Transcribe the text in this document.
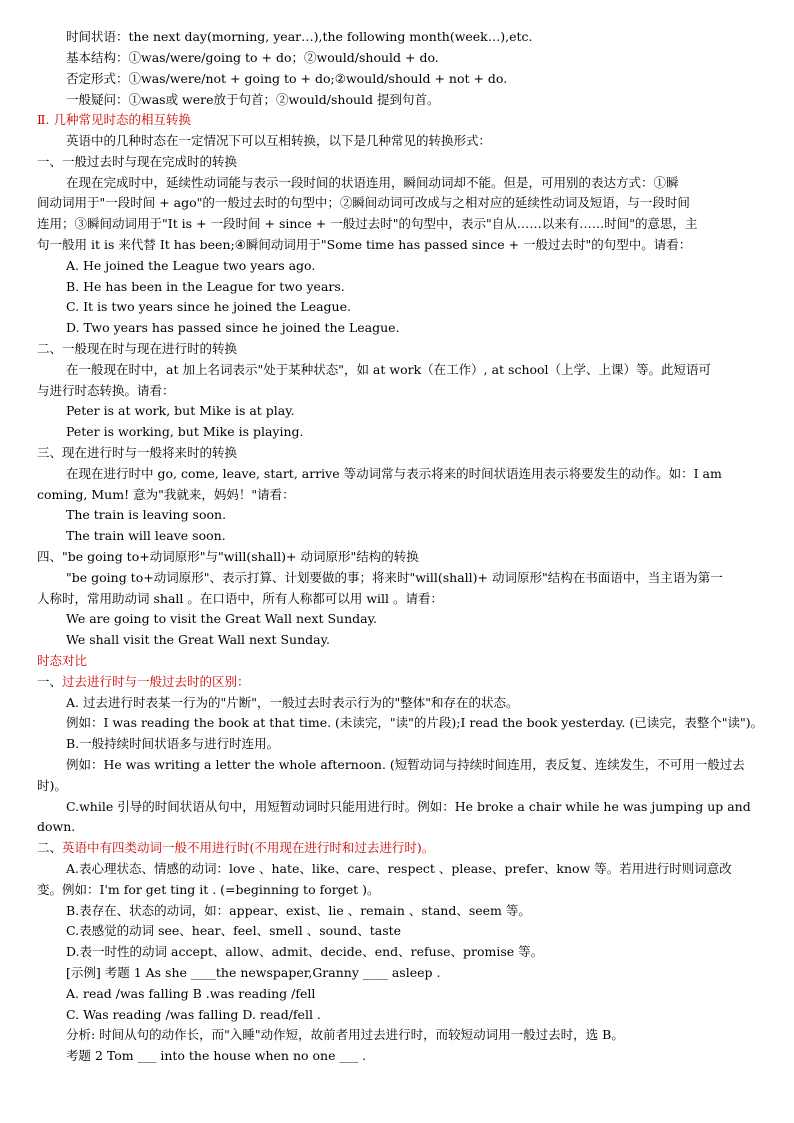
时间状语：the next day(morning, year…),the following month(week…),etc.
基本结构：①was/were/going to + do；②would/should + do.
否定形式：①was/were/not + going to + do;②would/should + not + do.
一般疑问：①was或 were放于句首；②would/should 提到句首。
Ⅱ. 几种常见时态的相互转换
英语中的几种时态在一定情况下可以互相转换，以下是几种常见的转换形式：
一、一般过去时与现在完成时的转换
在现在完成时中，延续性动词能与表示一段时间的状语连用，瞬间动词却不能。但是，可用别的表达方式：①瞬
间动词用于"一段时间 + ago"的一般过去时的句型中；②瞬间动词可改成与之相对应的延续性动词及短语，与一段时间
连用；③瞬间动词用于"It is + 一段时间 + since + 一般过去时"的句型中，表示"自从……以来有……时间"的意思，主
句一般用 it is 来代替 It has been;④瞬间动词用于"Some time has passed since + 一般过去时"的句型中。请看：
A. He joined the League two years ago.
B. He has been in the League for two years.
C. It is two years since he joined the League.
D. Two years has passed since he joined the League.
二、一般现在时与现在进行时的转换
在一般现在时中，at 加上名词表示"处于某种状态"，如 at work（在工作）, at school（上学、上课）等。此短语可
与进行时态转换。请看：
Peter is at work, but Mike is at play.
Peter is working, but Mike is playing.
三、现在进行时与一般将来时的转换
在现在进行时中 go, come, leave, start, arrive 等动词常与表示将来的时间状语连用表示将要发生的动作。如：I am
coming, Mum! 意为"我就来，妈妈！"请看：
The train is leaving soon.
The train will leave soon.
四、"be going to+动词原形"与"will(shall)+ 动词原形"结构的转换
"be going to+动词原形"、表示打算、计划要做的事；将来时"will(shall)+ 动词原形"结构在书面语中，当主语为第一
人称时，常用助动词 shall 。在口语中，所有人称都可以用 will 。请看：
We are going to visit the Great Wall next Sunday.
We shall visit the Great Wall next Sunday.
时态对比
一、过去进行时与一般过去时的区别：
A. 过去进行时表某一行为的"片断"，一般过去时表示行为的"整体"和存在的状态。
例如：I was reading the book at that time. (未读完，"读"的片段);I read the book yesterday. (已读完，表整个"读")。
B.一般持续时间状语多与进行时连用。
例如：He was writing a letter the whole afternoon. (短暂动词与持续时间连用，表反复、连续发生，不可用一般过去
时)。
C.while 引导的时间状语从句中，用短暂动词时只能用进行时。例如：He broke a chair while he was jumping up and
down.
二、英语中有四类动词一般不用进行时(不用现在进行时和过去进行时)。
A.表心理状态、情感的动词：love 、hate、like、care、respect 、please、prefer、know 等。若用进行时则词意改
变。例如：I'm for get ting it . (=beginning to forget )。
B.表存在、状态的动词，如：appear、exist、lie 、remain 、stand、seem 等。
C.表感觉的动词 see、hear、feel、smell 、sound、taste
D.表一时性的动词 accept、allow、admit、decide、end、refuse、promise 等。
[示例] 考题 1 As she ____the newspaper,Granny ____ asleep .
A. read /was falling B .was reading /fell
C. Was reading /was falling D. read/fell .
分析: 时间从句的动作长，而"入睡"动作短，故前者用过去进行时，而较短动词用一般过去时，选 B。
考题 2 Tom ___ into the house when no one ___ .
